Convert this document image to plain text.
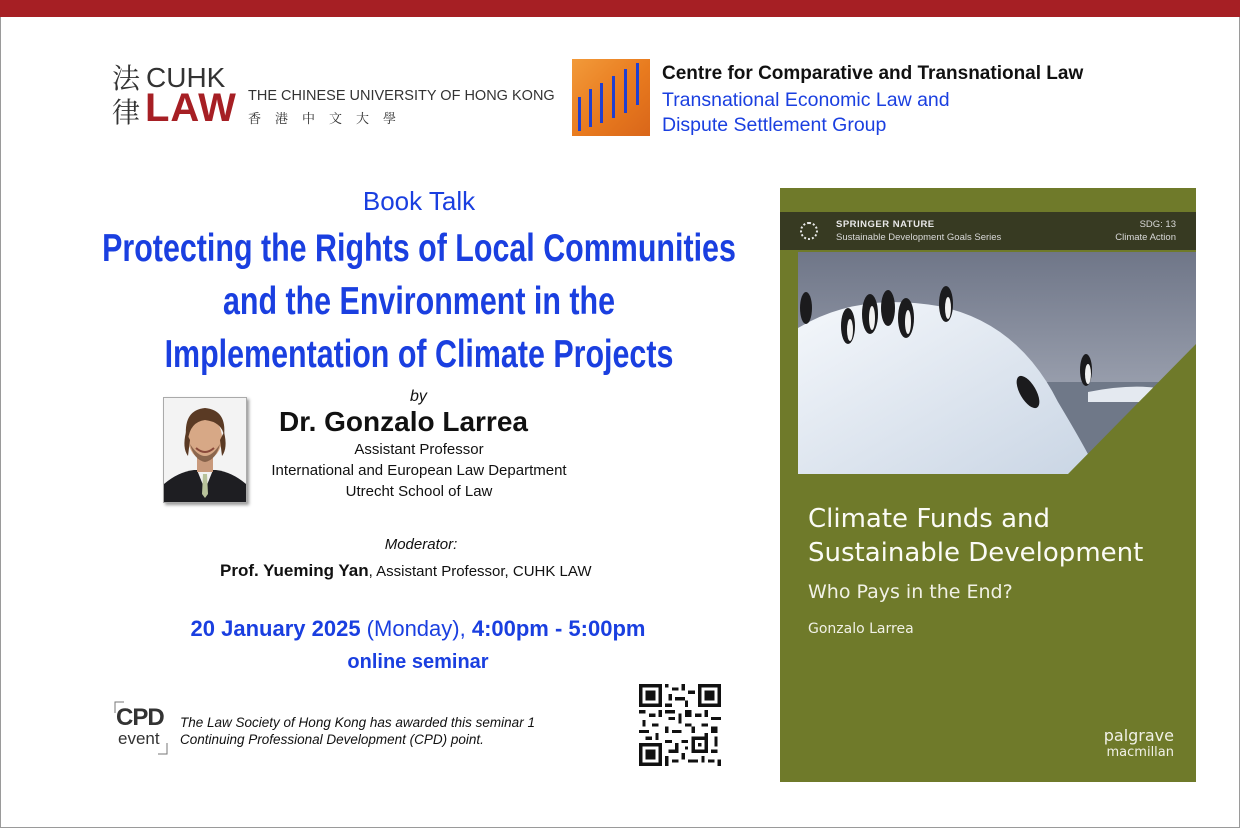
法律
CUHK
LAW THE CHINESE UNIVERSITY OF HONG KONG
香港中文大學
Centre for Comparative and Transnational Law
Transnational Economic Law and
Dispute Settlement Group
Book Talk
Protecting the Rights of Local Communities
and the Environment in the
Implementation of Climate Projects
by
Dr. Gonzalo Larrea
Assistant Professor
International and European Law Department
Utrecht School of Law
Moderator:
Prof. Yueming Yan, Assistant Professor, CUHK LAW
20 January 2025 (Monday), 4:00pm - 5:00pm
online seminar
CPD
event
The Law Society of Hong Kong has awarded this seminar 1
Continuing Professional Development (CPD) point.
SPRINGER NATURE
Sustainable Development Goals Series
SDG: 13
Climate Action
Climate Funds and
Sustainable Development
Who Pays in the End?
Gonzalo Larrea
palgrave
macmillan
